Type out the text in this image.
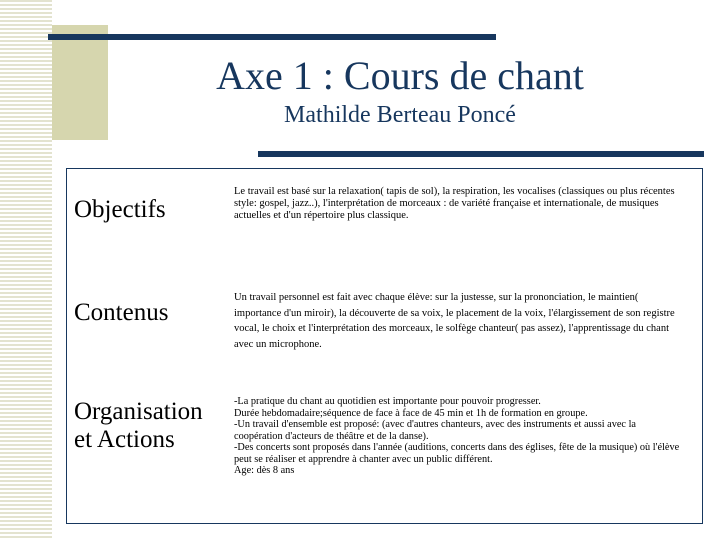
Axe 1 : Cours de chant
Mathilde Berteau Poncé
Objectifs
Le travail est basé sur la relaxation( tapis de sol), la respiration, les vocalises (classiques ou plus récentes style: gospel, jazz..), l'interprétation de morceaux : de variété française et internationale, de musiques actuelles et d'un répertoire plus classique.
Contenus
Un travail personnel est fait avec chaque élève: sur la justesse, sur la prononciation, le maintien( importance d'un miroir), la découverte de sa voix, le placement de la voix, l'élargissement de son registre vocal, le choix et l'interprétation des morceaux, le solfège chanteur( pas assez), l'apprentissage du chant avec un microphone.
Organisation
et Actions
-La pratique du chant au quotidien est importante pour pouvoir progresser.
Durée hebdomadaire;séquence de face à face de 45 min et 1h de formation en groupe.
-Un travail d'ensemble est proposé: (avec d'autres chanteurs, avec des instruments et aussi avec la coopération d'acteurs de théâtre et de la danse).
-Des concerts sont proposés dans l'année (auditions, concerts dans des églises, fête de la musique) où l'élève peut se réaliser et apprendre à chanter avec un public différent.
Age: dès 8 ans
